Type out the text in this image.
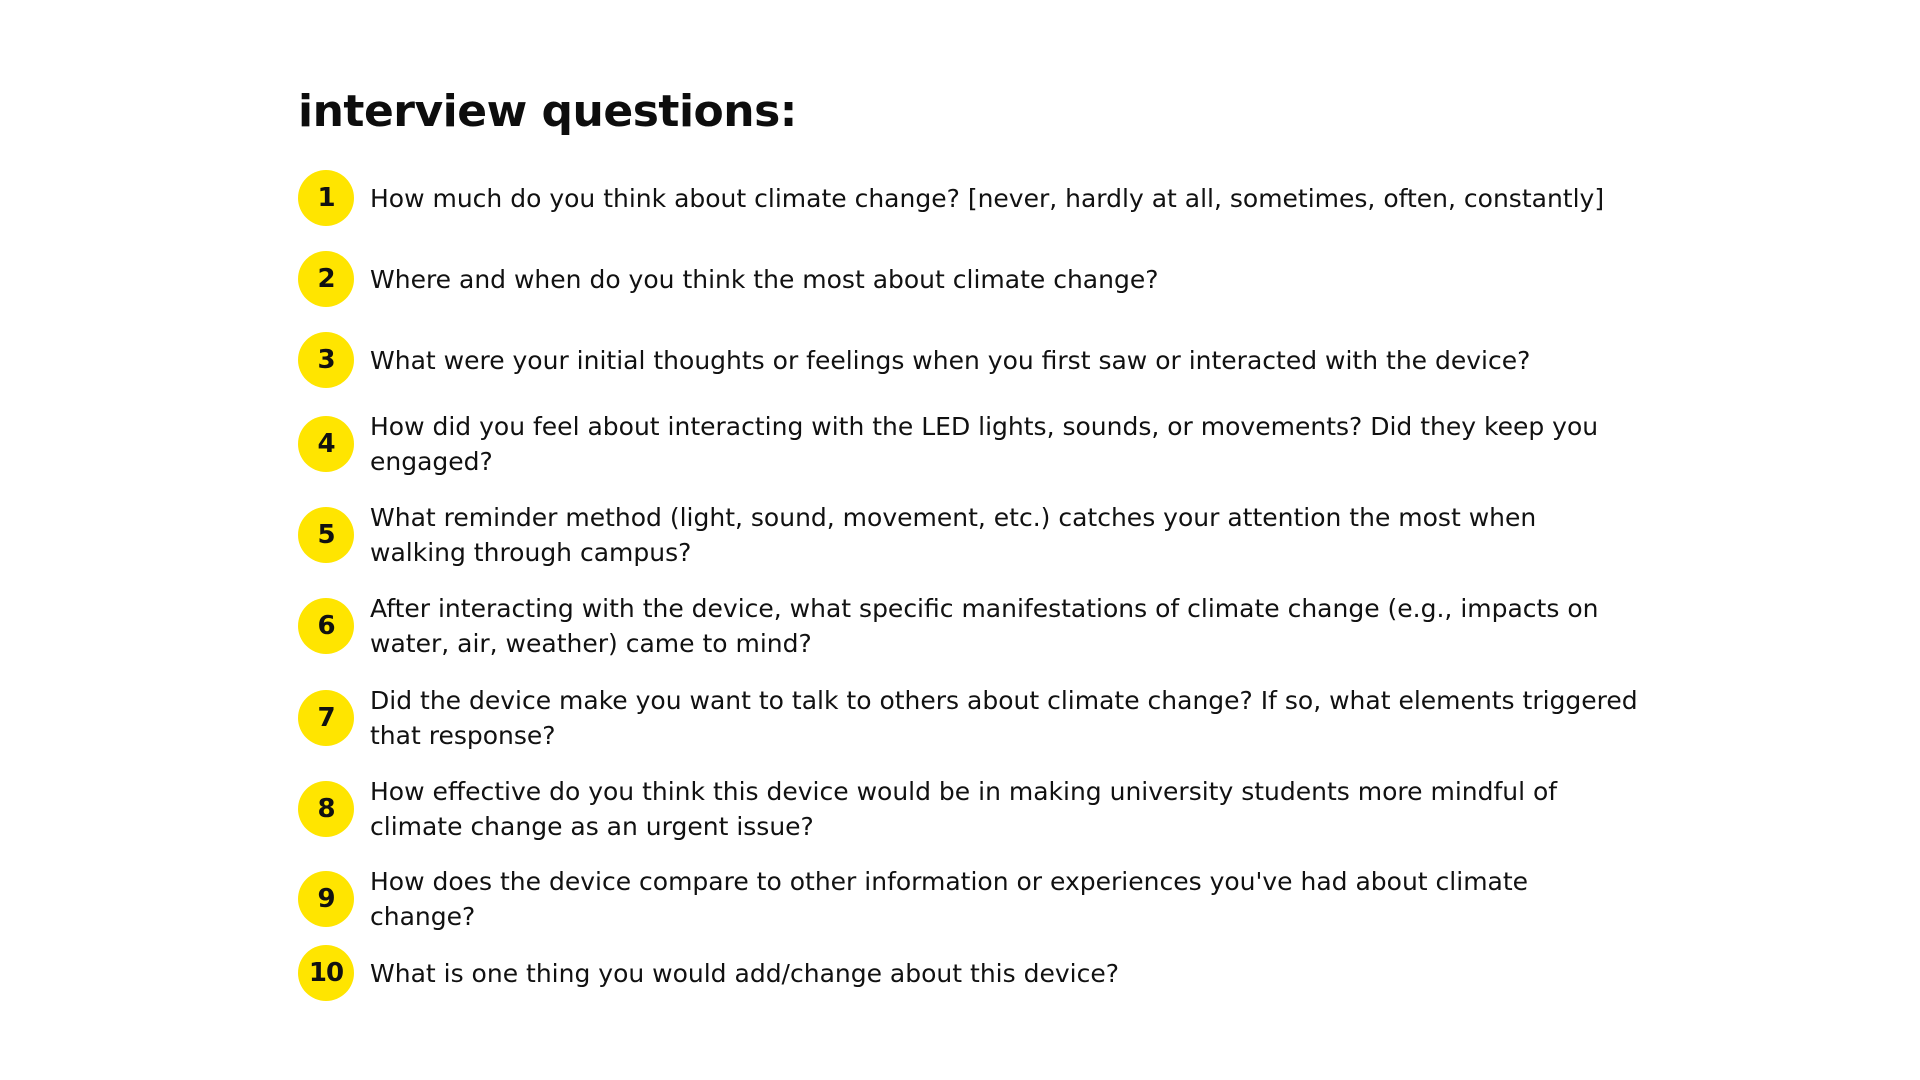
interview questions:
1	How much do you think about climate change? [never, hardly at all, sometimes, often, constantly]
2	Where and when do you think the most about climate change?
3	What were your initial thoughts or feelings when you first saw or interacted with the device?
4
How did you feel about interacting with the LED lights, sounds, or movements? Did they keep you engaged?
5
What reminder method (light, sound, movement, etc.) catches your attention the most when walking through campus?
6
After interacting with the device, what specific manifestations of climate change (e.g., impacts on water, air, weather) came to mind?
7
Did the device make you want to talk to others about climate change? If so, what elements triggered that response?
8
How effective do you think this device would be in making university students more mindful of climate change as an urgent issue?
9
How does the device compare to other information or experiences you've had about climate change?
10	What is one thing you would add/change about this device?
